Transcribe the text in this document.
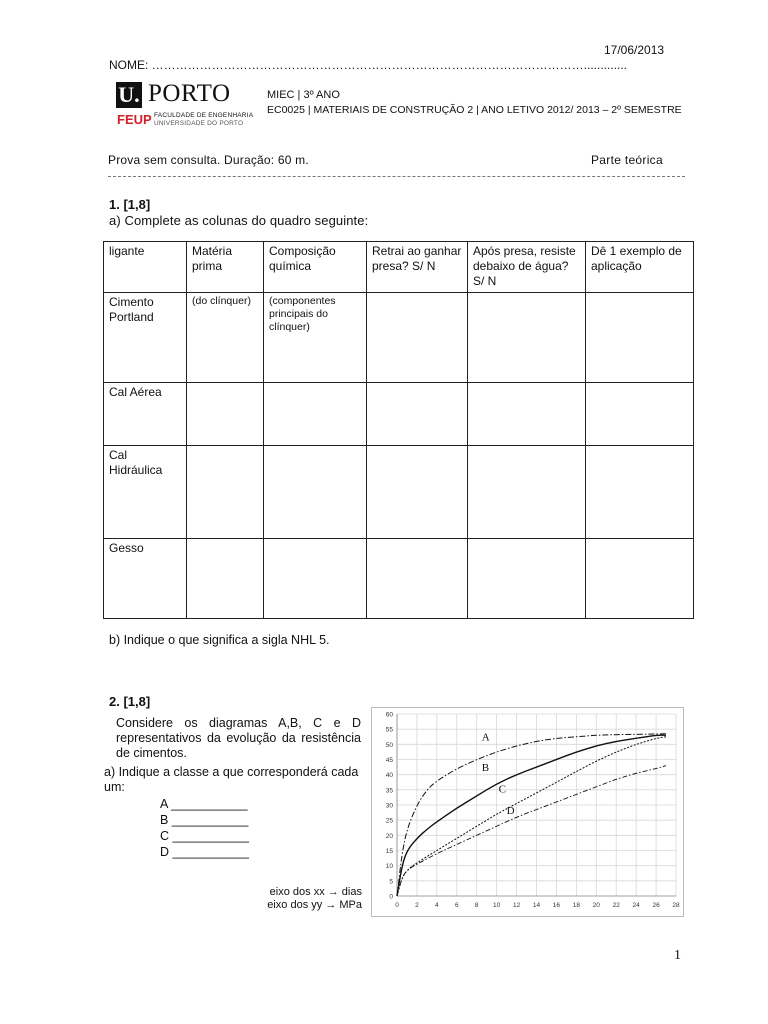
17/06/2013
NOME: ……………………………………………………………………………………………….............
U. PORTO
FEUP FACULDADE DE ENGENHARIA
UNIVERSIDADE DO PORTO
MIEC | 3º ANO
EC0025 | MATERIAIS DE CONSTRUÇÃO 2 | ANO LETIVO 2012/ 2013 – 2º SEMESTRE
Prova sem consulta. Duração: 60 m.	Parte teórica
1. [1,8]
a) Complete as colunas do quadro seguinte:
ligante	Matéria prima	Composição química	Retrai ao ganhar presa? S/ N	Após presa, resiste debaixo de água? S/ N	Dê 1 exemplo de aplicação
Cimento Portland	(do clínquer)	(componentes principais do clínquer)			
Cal Aérea					
Cal Hidráulica					
Gesso					
b) Indique o que significa a sigla NHL 5.
2. [1,8]
Considere os diagramas A,B, C e D representativos da evolução da resistência de cimentos.
a) Indique a classe a que corresponderá cada um:
A ___________
B ___________
C ___________
D ___________
eixo dos xx → dias
eixo dos yy → MPa
0
5
10
15
20
25
30
35
40
45
50
55
60
0	2	4	6	8 10 12 14 16 18 20 22 24 26 28
A
B
C
D
1
